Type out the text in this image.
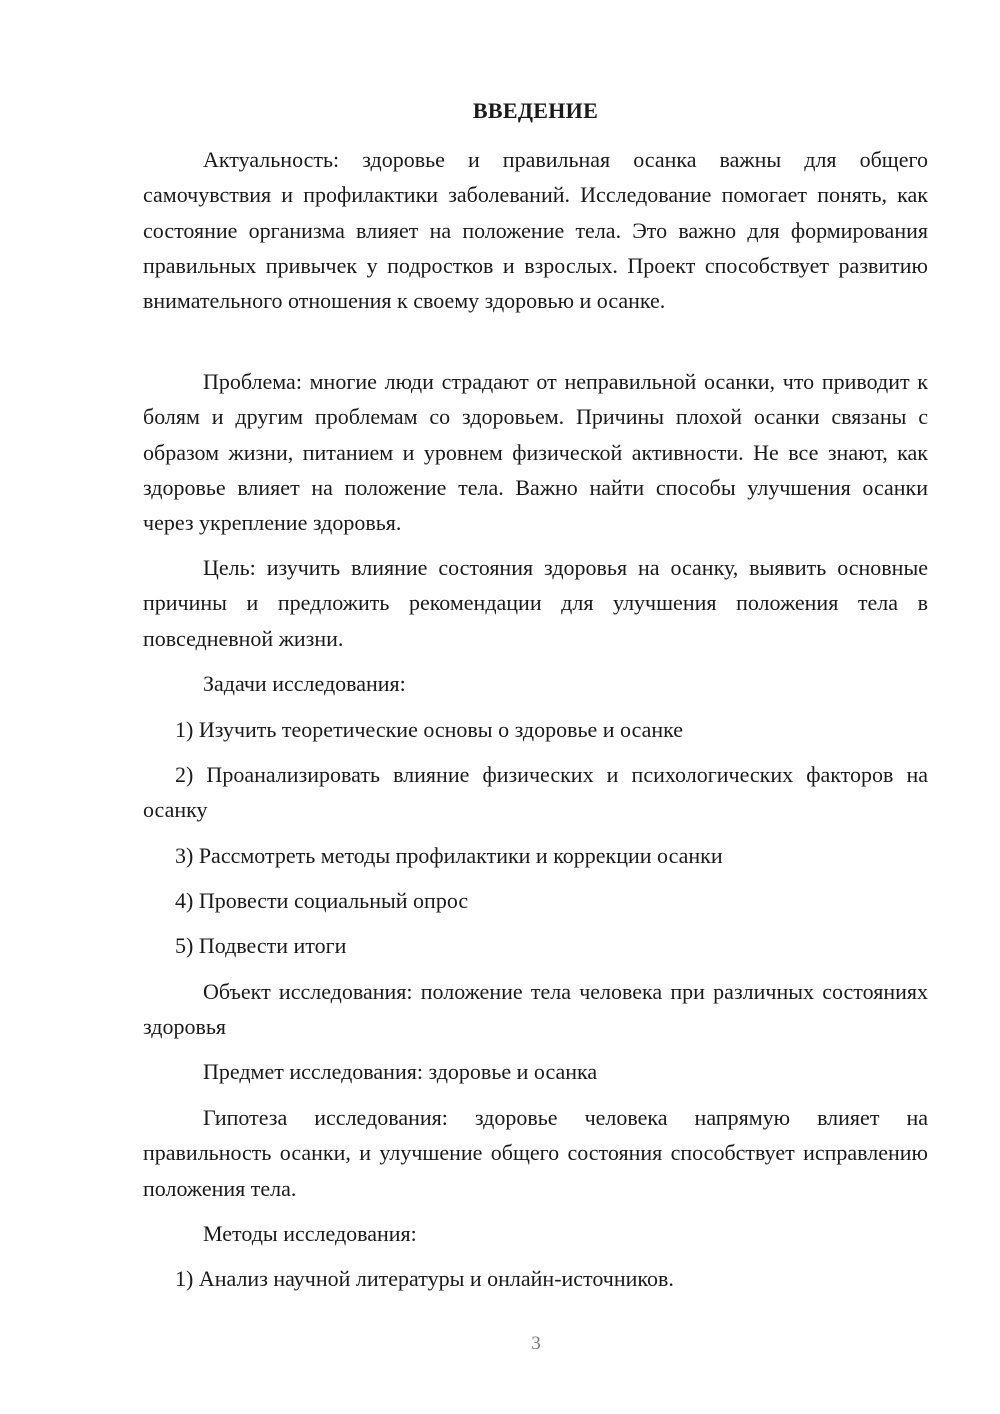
ВВЕДЕНИЕ

Актуальность: здоровье и правильная осанка важны для общего самочувствия и профилактики заболеваний. Исследование помогает понять, как состояние организма влияет на положение тела. Это важно для формирования правильных привычек у подростков и взрослых. Проект способствует развитию внимательного отношения к своему здоровью и осанке.

Проблема: многие люди страдают от неправильной осанки, что приводит к болям и другим проблемам со здоровьем. Причины плохой осанки связаны с образом жизни, питанием и уровнем физической активности. Не все знают, как здоровье влияет на положение тела. Важно найти способы улучшения осанки через укрепление здоровья.

Цель: изучить влияние состояния здоровья на осанку, выявить основные причины и предложить рекомендации для улучшения положения тела в повседневной жизни.

Задачи исследования:

1) Изучить теоретические основы о здоровье и осанке

2) Проанализировать влияние физических и психологических факторов на осанку

3) Рассмотреть методы профилактики и коррекции осанки

4) Провести социальный опрос

5) Подвести итоги

Объект исследования: положение тела человека при различных состояниях здоровья

Предмет исследования: здоровье и осанка

Гипотеза исследования: здоровье человека напрямую влияет на правильность осанки, и улучшение общего состояния способствует исправлению положения тела.

Методы исследования:

1) Анализ научной литературы и онлайн-источников.

3
